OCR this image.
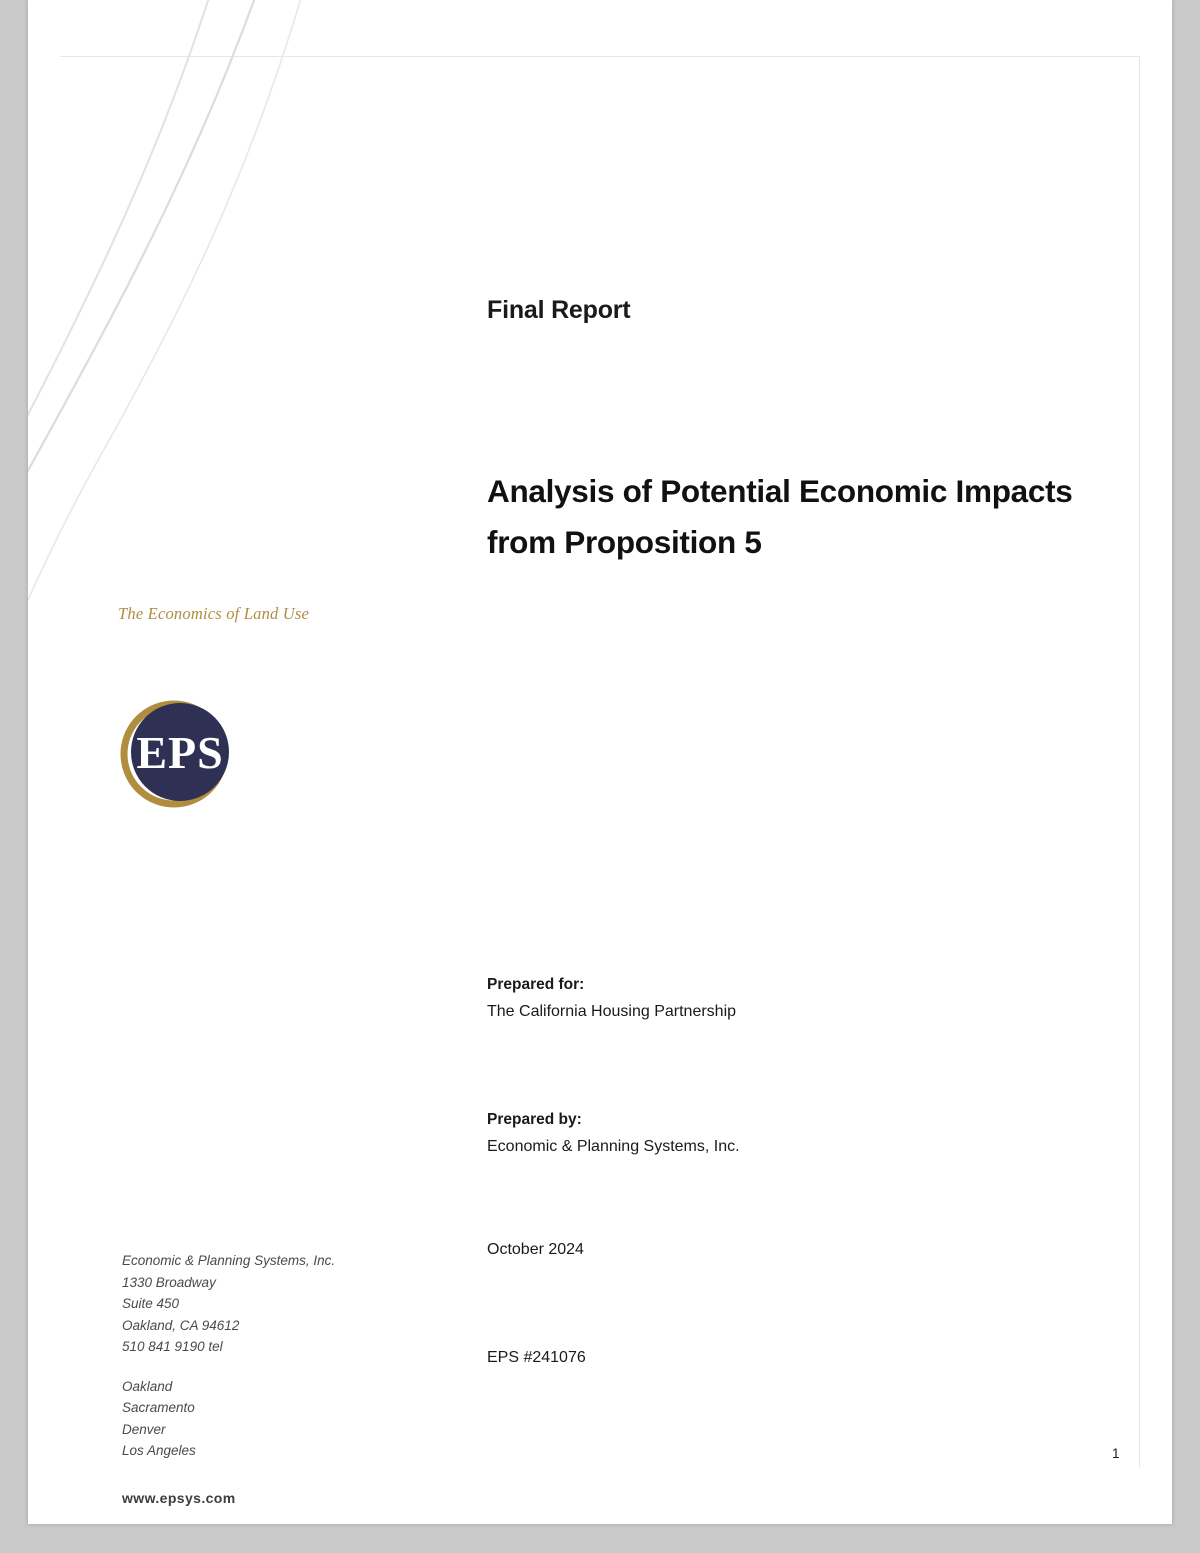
The Economics of Land Use
EPS
Economic & Planning Systems, Inc.
1330 Broadway
Suite 450
Oakland, CA 94612
510 841 9190 tel
Oakland
Sacramento
Denver
Los Angeles
www.epsys.com
Final Report
Analysis of Potential Economic Impacts from Proposition 5
Prepared for:
The California Housing Partnership
Prepared by:
Economic & Planning Systems, Inc.
October 2024
EPS #241076
1
